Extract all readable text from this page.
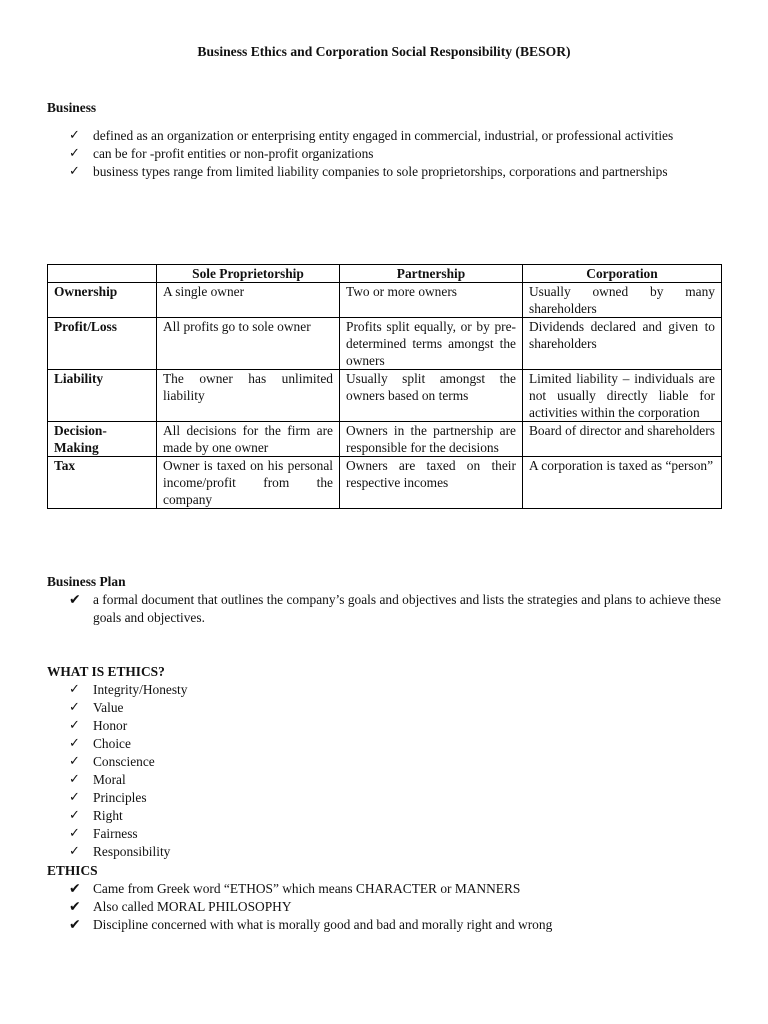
Business Ethics and Corporation Social Responsibility (BESOR)
Business
✓ defined as an organization or enterprising entity engaged in commercial, industrial, or professional activities
✓ can be for -profit entities or non-profit organizations
✓ business types range from limited liability companies to sole proprietorships, corporations and partnerships
	Sole Proprietorship	Partnership	Corporation
Ownership	A single owner	Two or more owners	Usually owned by many shareholders
Profit/Loss	All profits go to sole owner	Profits split equally, or by pre-determined terms amongst the owners	Dividends declared and given to shareholders
Liability	The owner has unlimited liability	Usually split amongst the owners based on terms	Limited liability – individuals are not usually directly liable for activities within the corporation
Decision-Making	All decisions for the firm are made by one owner	Owners in the partnership are responsible for the decisions	Board of director and shareholders
Tax	Owner is taxed on his personal income/profit from the company	Owners are taxed on their respective incomes	A corporation is taxed as “person”
Business Plan
✔ a formal document that outlines the company’s goals and objectives and lists the strategies and plans to achieve these goals and objectives.
WHAT IS ETHICS?
✓ Integrity/Honesty
✓ Value
✓ Honor
✓ Choice
✓ Conscience
✓ Moral
✓ Principles
✓ Right
✓ Fairness
✓ Responsibility
ETHICS
✔ Came from Greek word “ETHOS” which means CHARACTER or MANNERS
✔ Also called MORAL PHILOSOPHY
✔ Discipline concerned with what is morally good and bad and morally right and wrong
